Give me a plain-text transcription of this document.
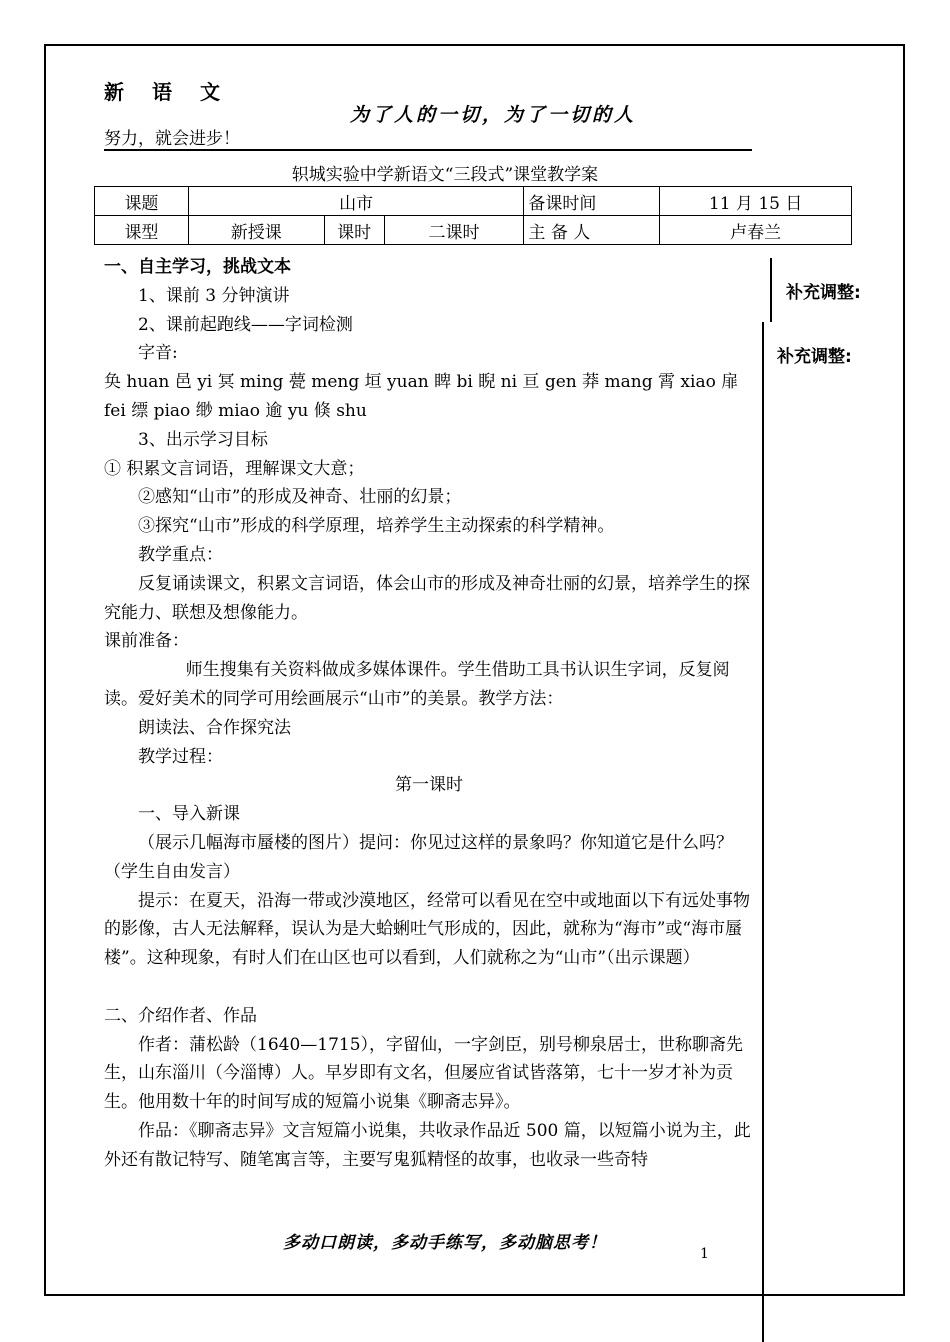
新语文
为了人的一切，为了一切的人
努力，就会进步！
轵城实验中学新语文“三段式”课堂教学案
课题	山市			备课时间	11 月 15 日
课型	新授课	课时	二课时	主 备 人	卢春兰
补充调整:
补充调整:

一、自主学习，挑战文本

1、课前 3 分钟演讲

2、课前起跑线——字词检测

字音:

奂 huan 邑 yi 冥 ming 甍 meng 垣 yuan 睥 bi 睨 ni 亘 gen 莽 mang 霄 xiao 扉 fei 缥 piao 缈 miao 逾 yu 倏 shu

3、出示学习目标

① 积累文言词语，理解课文大意；

②感知“山市”的形成及神奇、壮丽的幻景；

③探究“山市”形成的科学原理，培养学生主动探索的科学精神。

教学重点：

反复诵读课文，积累文言词语，体会山市的形成及神奇壮丽的幻景，培养学生的探究能力、联想及想像能力。

课前准备：

师生搜集有关资料做成多媒体课件。学生借助工具书认识生字词，反复阅读。爱好美术的同学可用绘画展示“山市”的美景。教学方法：

朗读法、合作探究法

教学过程：

第一课时

一、导入新课

（展示几幅海市蜃楼的图片）提问：你见过这样的景象吗？你知道它是什么吗？（学生自由发言）

提示：在夏天，沿海一带或沙漠地区，经常可以看见在空中或地面以下有远处事物的影像，古人无法解释，误认为是大蛤蜊吐气形成的，因此，就称为“海市”或“海市蜃楼”。这种现象，有时人们在山区也可以看到，人们就称之为“山市”（出示课题）

二、介绍作者、作品

作者：蒲松龄（1640—1715），字留仙，一字剑臣，别号柳泉居士，世称聊斋先生，山东淄川（今淄博）人。早岁即有文名，但屡应省试皆落第，七十一岁才补为贡生。他用数十年的时间写成的短篇小说集《聊斋志异》。

作品：《聊斋志异》文言短篇小说集，共收录作品近 500 篇，以短篇小说为主，此外还有散记特写、随笔寓言等，主要写鬼狐精怪的故事，也收录一些奇特

多动口朗读，多动手练写，多动脑思考！
1
